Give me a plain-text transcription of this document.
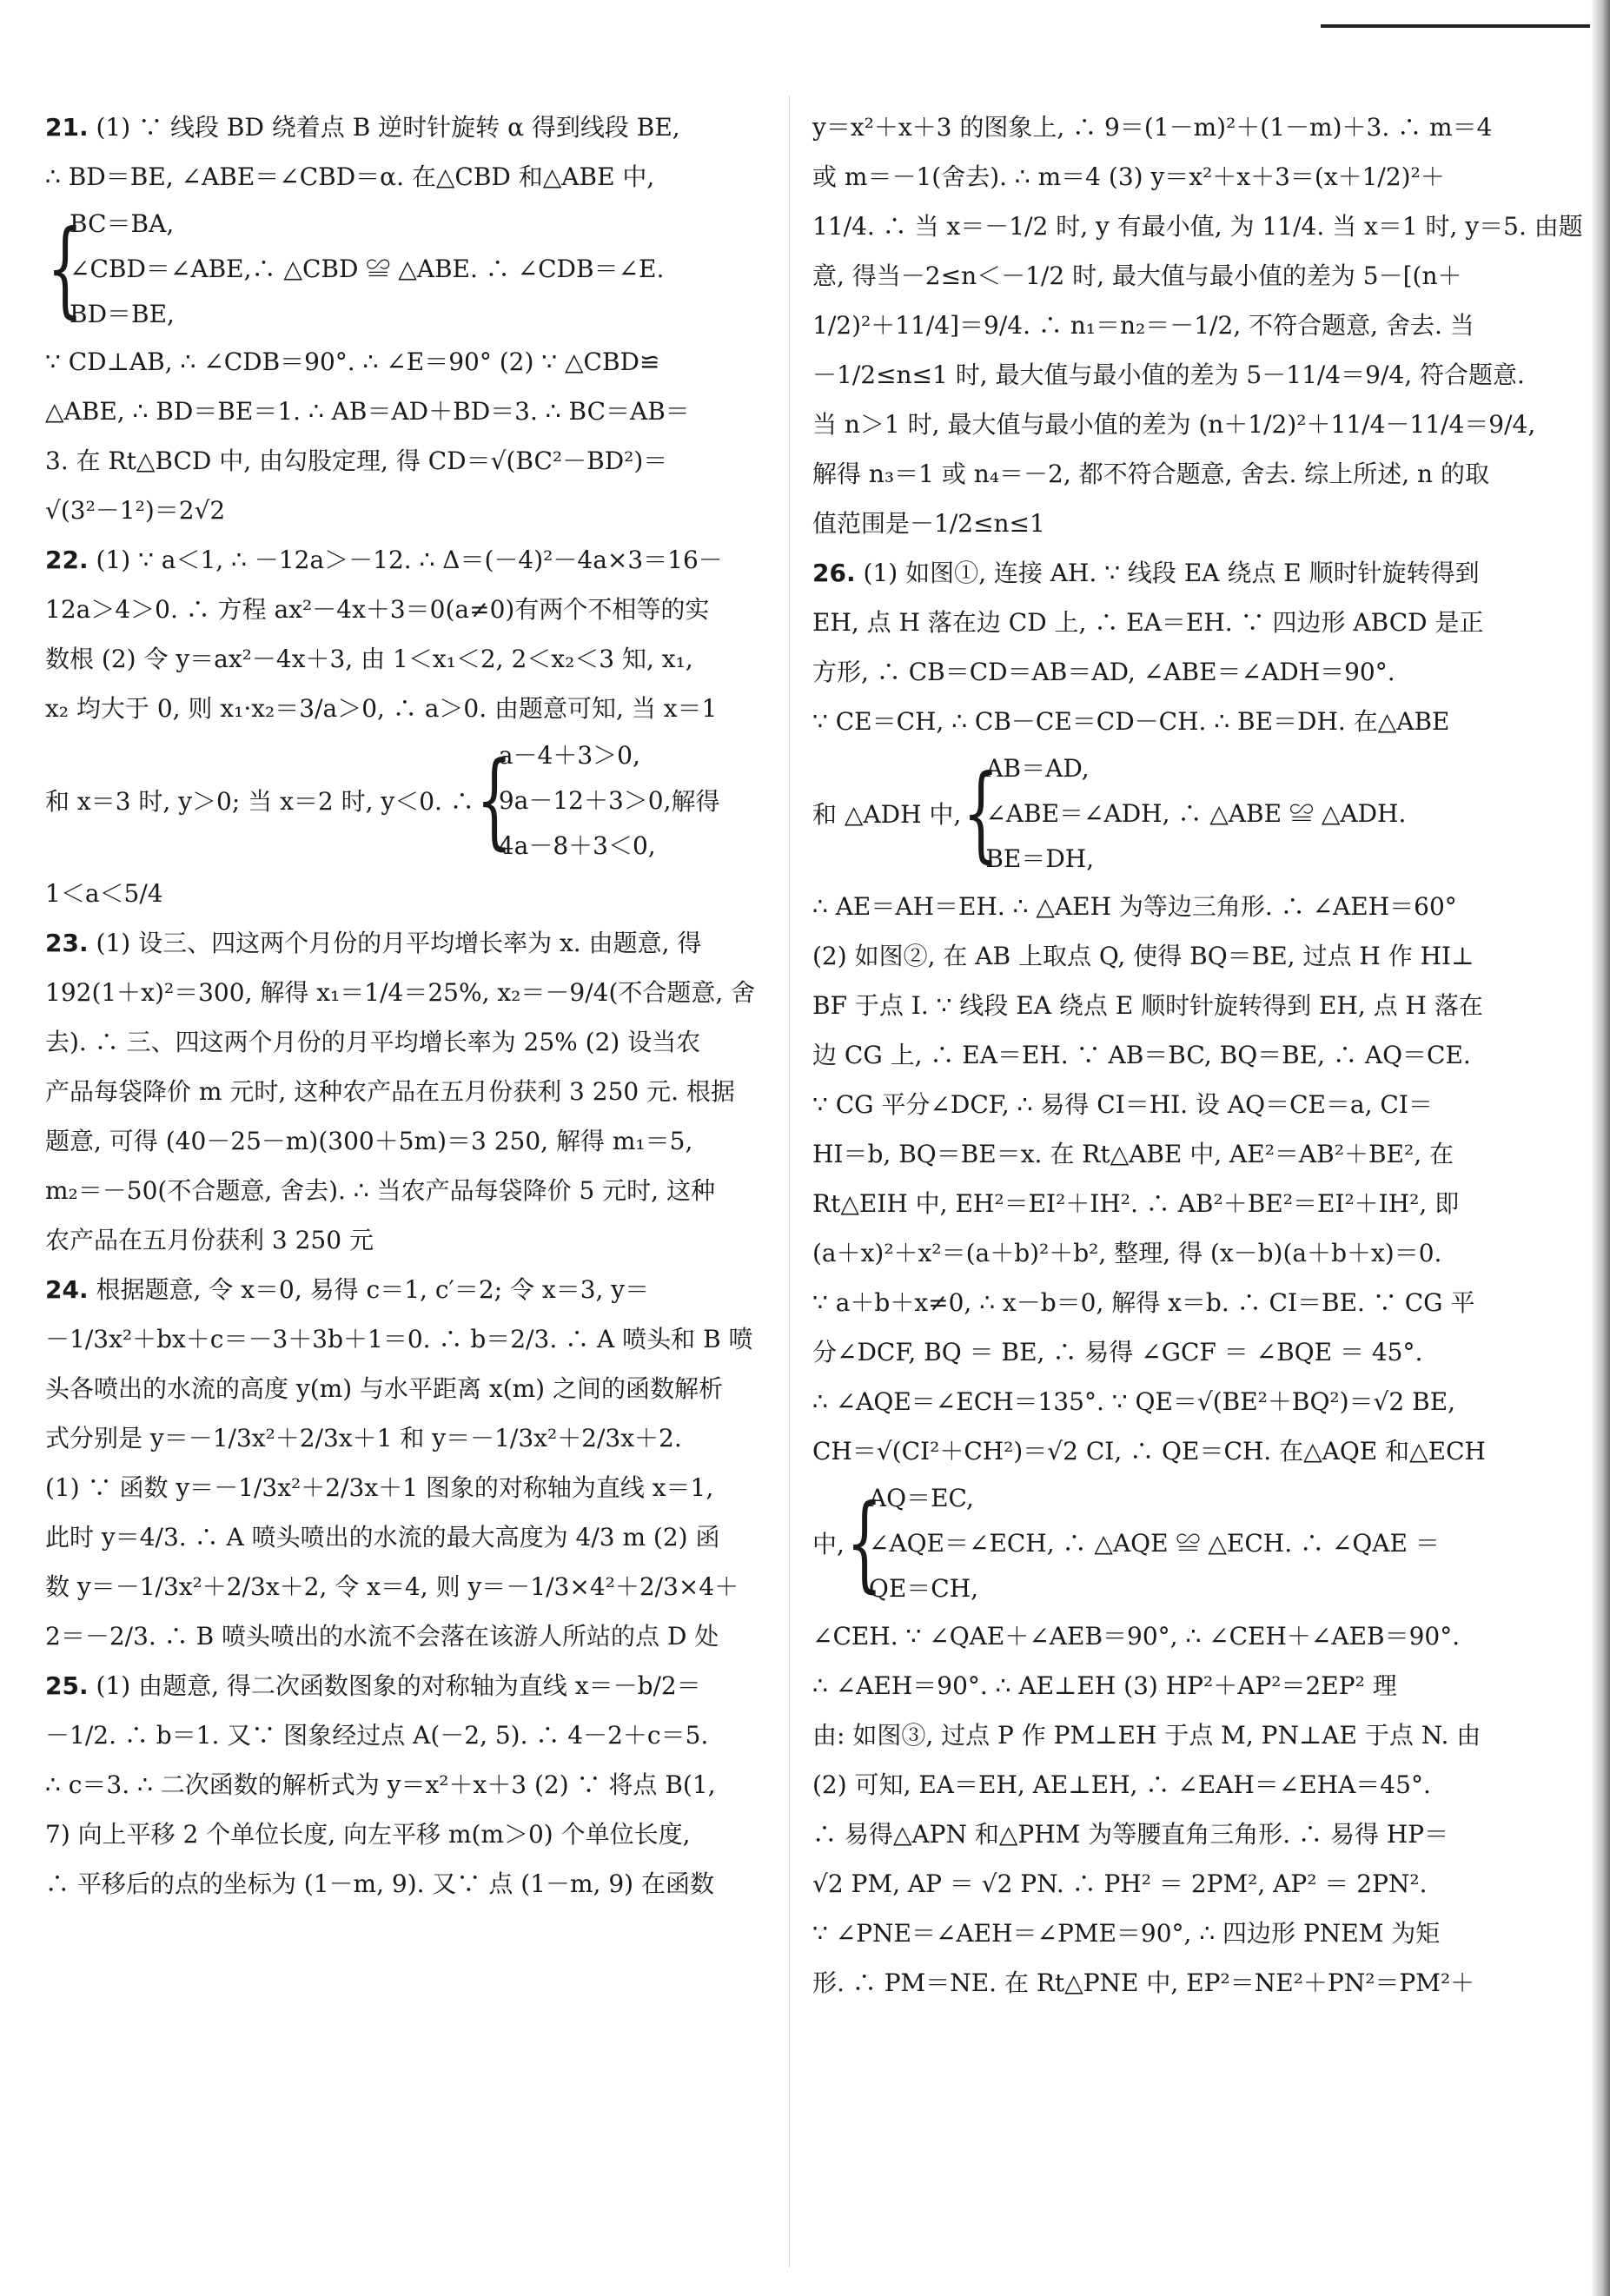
21. (1) ∵ 线段 BD 绕着点 B 逆时针旋转 α 得到线段 BE,
∴ BD＝BE, ∠ABE＝∠CBD＝α. 在△CBD 和△ABE 中,
{
BC＝BA,
∠CBD＝∠ABE,∴ △CBD ≌ △ABE. ∴ ∠CDB＝∠E.
BD＝BE,
∵ CD⊥AB, ∴ ∠CDB＝90°. ∴ ∠E＝90° (2) ∵ △CBD≌
△ABE, ∴ BD＝BE＝1. ∴ AB＝AD＋BD＝3. ∴ BC＝AB＝
3. 在 Rt△BCD 中, 由勾股定理, 得 CD＝√(BC²－BD²)＝
√(3²－1²)＝2√2
22. (1) ∵ a＜1, ∴ －12a＞－12. ∴ Δ＝(－4)²－4a×3＝16－
12a＞4＞0. ∴ 方程 ax²－4x＋3＝0(a≠0)有两个不相等的实
数根 (2) 令 y＝ax²－4x＋3, 由 1＜x₁＜2, 2＜x₂＜3 知, x₁,
x₂ 均大于 0, 则 x₁·x₂＝3/a＞0, ∴ a＞0. 由题意可知, 当 x＝1
和 x＝3 时, y＞0; 当 x＝2 时, y＜0. ∴ {
a－4＋3＞0,
9a－12＋3＞0,
4a－8＋3＜0,
解得
1＜a＜5/4
23. (1) 设三、四这两个月份的月平均增长率为 x. 由题意, 得
192(1＋x)²＝300, 解得 x₁＝1/4＝25%, x₂＝－9/4(不合题意, 舍
去). ∴ 三、四这两个月份的月平均增长率为 25% (2) 设当农
产品每袋降价 m 元时, 这种农产品在五月份获利 3 250 元. 根据
题意, 可得 (40－25－m)(300＋5m)＝3 250, 解得 m₁＝5,
m₂＝－50(不合题意, 舍去). ∴ 当农产品每袋降价 5 元时, 这种
农产品在五月份获利 3 250 元
24. 根据题意, 令 x＝0, 易得 c＝1, c′＝2; 令 x＝3, y＝
－1/3x²＋bx＋c＝－3＋3b＋1＝0. ∴ b＝2/3. ∴ A 喷头和 B 喷
头各喷出的水流的高度 y(m) 与水平距离 x(m) 之间的函数解析
式分别是 y＝－1/3x²＋2/3x＋1 和 y＝－1/3x²＋2/3x＋2.
(1) ∵ 函数 y＝－1/3x²＋2/3x＋1 图象的对称轴为直线 x＝1,
此时 y＝4/3. ∴ A 喷头喷出的水流的最大高度为 4/3 m (2) 函
数 y＝－1/3x²＋2/3x＋2, 令 x＝4, 则 y＝－1/3×4²＋2/3×4＋
2＝－2/3. ∴ B 喷头喷出的水流不会落在该游人所站的点 D 处
25. (1) 由题意, 得二次函数图象的对称轴为直线 x＝－b/2＝
－1/2. ∴ b＝1. 又∵ 图象经过点 A(－2, 5). ∴ 4－2＋c＝5.
∴ c＝3. ∴ 二次函数的解析式为 y＝x²＋x＋3 (2) ∵ 将点 B(1,
7) 向上平移 2 个单位长度, 向左平移 m(m＞0) 个单位长度,
∴ 平移后的点的坐标为 (1－m, 9). 又∵ 点 (1－m, 9) 在函数
y＝x²＋x＋3 的图象上, ∴ 9＝(1－m)²＋(1－m)＋3. ∴ m＝4
或 m＝－1(舍去). ∴ m＝4 (3) y＝x²＋x＋3＝(x＋1/2)²＋
11/4. ∴ 当 x＝－1/2 时, y 有最小值, 为 11/4. 当 x＝1 时, y＝5. 由题
意, 得当－2≤n＜－1/2 时, 最大值与最小值的差为 5－[(n＋
1/2)²＋11/4]＝9/4. ∴ n₁＝n₂＝－1/2, 不符合题意, 舍去. 当
－1/2≤n≤1 时, 最大值与最小值的差为 5－11/4＝9/4, 符合题意.
当 n＞1 时, 最大值与最小值的差为 (n＋1/2)²＋11/4－11/4＝9/4,
解得 n₃＝1 或 n₄＝－2, 都不符合题意, 舍去. 综上所述, n 的取
值范围是－1/2≤n≤1
26. (1) 如图①, 连接 AH. ∵ 线段 EA 绕点 E 顺时针旋转得到
EH, 点 H 落在边 CD 上, ∴ EA＝EH. ∵ 四边形 ABCD 是正
方形, ∴ CB＝CD＝AB＝AD, ∠ABE＝∠ADH＝90°.
∵ CE＝CH, ∴ CB－CE＝CD－CH. ∴ BE＝DH. 在△ABE
和 △ADH 中, {
AB＝AD,
∠ABE＝∠ADH, ∴ △ABE ≌ △ADH.
BE＝DH,
∴ AE＝AH＝EH. ∴ △AEH 为等边三角形. ∴ ∠AEH＝60°
(2) 如图②, 在 AB 上取点 Q, 使得 BQ＝BE, 过点 H 作 HI⊥
BF 于点 I. ∵ 线段 EA 绕点 E 顺时针旋转得到 EH, 点 H 落在
边 CG 上, ∴ EA＝EH. ∵ AB＝BC, BQ＝BE, ∴ AQ＝CE.
∵ CG 平分∠DCF, ∴ 易得 CI＝HI. 设 AQ＝CE＝a, CI＝
HI＝b, BQ＝BE＝x. 在 Rt△ABE 中, AE²＝AB²＋BE², 在
Rt△EIH 中, EH²＝EI²＋IH². ∴ AB²＋BE²＝EI²＋IH², 即
(a＋x)²＋x²＝(a＋b)²＋b², 整理, 得 (x－b)(a＋b＋x)＝0.
∵ a＋b＋x≠0, ∴ x－b＝0, 解得 x＝b. ∴ CI＝BE. ∵ CG 平
分∠DCF, BQ ＝ BE, ∴ 易得 ∠GCF ＝ ∠BQE ＝ 45°.
∴ ∠AQE＝∠ECH＝135°. ∵ QE＝√(BE²＋BQ²)＝√2 BE,
CH＝√(CI²＋CH²)＝√2 CI, ∴ QE＝CH. 在△AQE 和△ECH
中, {
AQ＝EC,
∠AQE＝∠ECH, ∴ △AQE ≌ △ECH. ∴ ∠QAE ＝
QE＝CH,
∠CEH. ∵ ∠QAE＋∠AEB＝90°, ∴ ∠CEH＋∠AEB＝90°.
∴ ∠AEH＝90°. ∴ AE⊥EH (3) HP²＋AP²＝2EP² 理
由: 如图③, 过点 P 作 PM⊥EH 于点 M, PN⊥AE 于点 N. 由
(2) 可知, EA＝EH, AE⊥EH, ∴ ∠EAH＝∠EHA＝45°.
∴ 易得△APN 和△PHM 为等腰直角三角形. ∴ 易得 HP＝
√2 PM, AP ＝ √2 PN. ∴ PH² ＝ 2PM², AP² ＝ 2PN².
∵ ∠PNE＝∠AEH＝∠PME＝90°, ∴ 四边形 PNEM 为矩
形. ∴ PM＝NE. 在 Rt△PNE 中, EP²＝NE²＋PN²＝PM²＋
